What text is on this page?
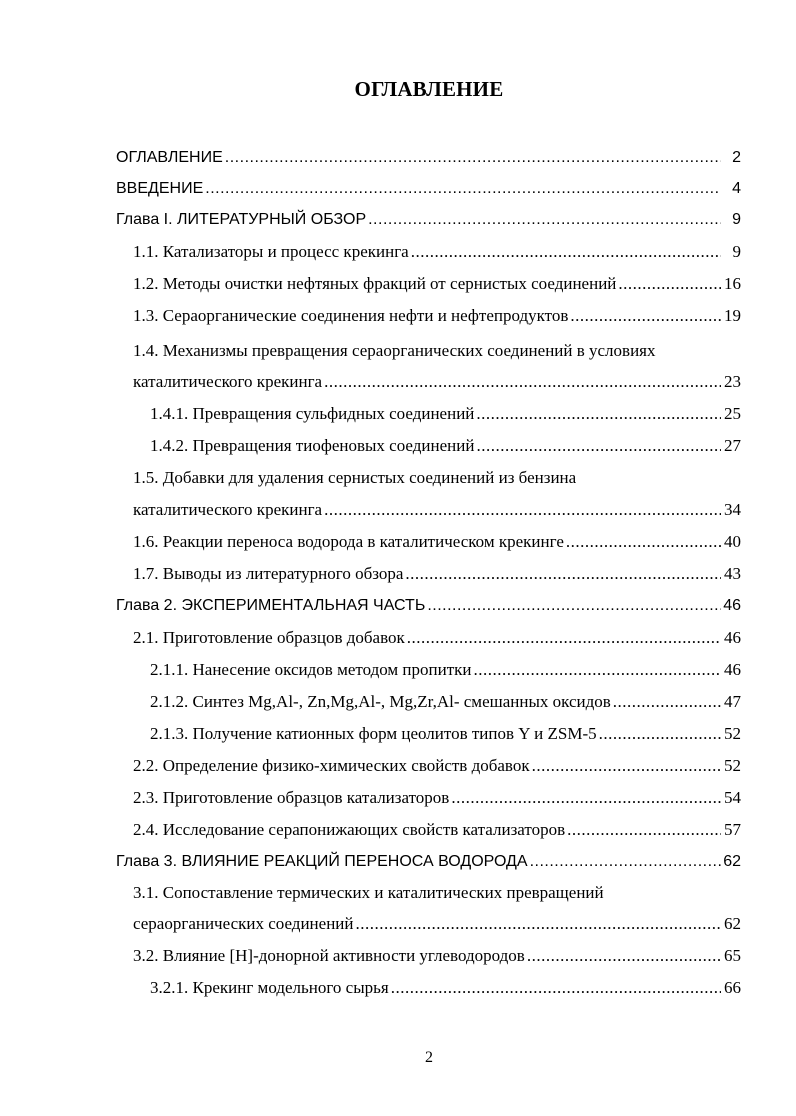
ОГЛАВЛЕНИЕ
ОГЛАВЛЕНИЕ .....	2
ВВЕДЕНИЕ .....	4
Глава I. ЛИТЕРАТУРНЫЙ ОБЗОР .....	9
1.1. Катализаторы и процесс крекинга .....	9
1.2. Методы очистки нефтяных фракций от сернистых соединений .....	16
1.3. Сераорганические соединения нефти и нефтепродуктов .....	19
1.4. Механизмы превращения сераорганических соединений в условиях
каталитического крекинга .....	23
1.4.1. Превращения сульфидных соединений .....	25
1.4.2. Превращения тиофеновых соединений .....	27
1.5. Добавки для удаления сернистых соединений из бензина
каталитического крекинга .....	34
1.6. Реакции переноса водорода в каталитическом крекинге .....	40
1.7. Выводы из литературного обзора .....	43
Глава 2. ЭКСПЕРИМЕНТАЛЬНАЯ ЧАСТЬ .....	46
2.1. Приготовление образцов добавок .....	46
2.1.1. Нанесение оксидов методом пропитки .....	46
2.1.2. Синтез Mg,Al-, Zn,Mg,Al-, Mg,Zr,Al- смешанных оксидов .....	47
2.1.3. Получение катионных форм цеолитов типов Y и ZSM-5 .....	52
2.2. Определение физико-химических свойств добавок .....	52
2.3. Приготовление образцов катализаторов .....	54
2.4. Исследование серапонижающих свойств катализаторов .....	57
Глава 3. ВЛИЯНИЕ РЕАКЦИЙ ПЕРЕНОСА ВОДОРОДА .....	62
3.1. Сопоставление термических и каталитических превращений
сераорганических соединений .....	62
3.2. Влияние [H]-донорной активности углеводородов .....	65
3.2.1. Крекинг модельного сырья .....	66
2
